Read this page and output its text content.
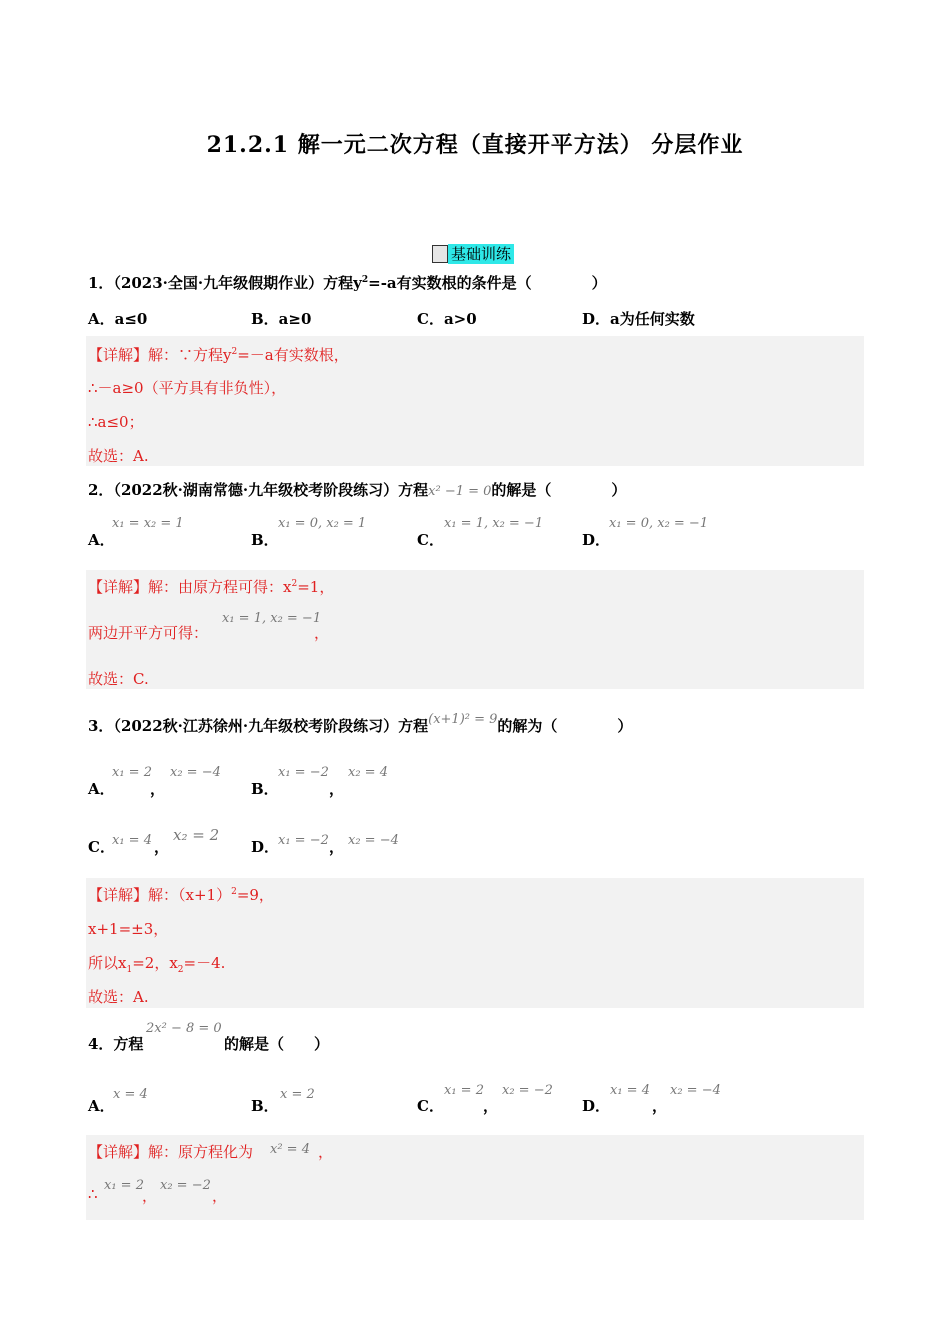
21.2.1 解一元二次方程（直接开平方法） 分层作业
基础训练
1．（2023·全国·九年级假期作业）方程$y^2=-a$有实数根的条件是（　　　　）
A．a≤0	B．a≥0	C．a>0	D．a为任何实数
【详解】解：∵方程$y^2=-a$有实数根，
∴－a≥0（平方具有非负性），
∴a≤0；
故选：A.
2．（2022秋·湖南常德·九年级校考阶段练习）方程x² −1 = 0的解是（　　　　）
A．
x₁ = x₂ = 1
B．
x₁ = 0, x₂ = 1
C．
x₁ = 1, x₂ = −1
D．
x₁ = 0, x₂ = −1
【详解】解：由原方程可得：$x^2=1$，
两边开平方可得：
x₁ = 1, x₂ = −1
，
故选：C.
3．（2022秋·江苏徐州·九年级校考阶段练习）方程(x+1)² = 9的解为（　　　　）
A．
x₁ = 2
，
x₂ = −4
B．
x₁ = −2
，
x₂ = 4
C．
x₁ = 4 ，
x₂ = 2
D．
x₁ = −2 ， x₂ = −4
【详解】解：$(x+1)^2=9$，
x+1=±3，
所以$x_1=2$，$x_2=-4$.
故选：A.
4．方程
2x² − 8 = 0
的解是（　　）
A．
x = 4
B．
x = 2
C．
x₁ = 2
，
x₂ = −2
D．
x₁ = 4
，
x₂ = −4
【详解】解：原方程化为 x² = 4 ，
∴ x₁ = 2
，
x₂ = −2
，
